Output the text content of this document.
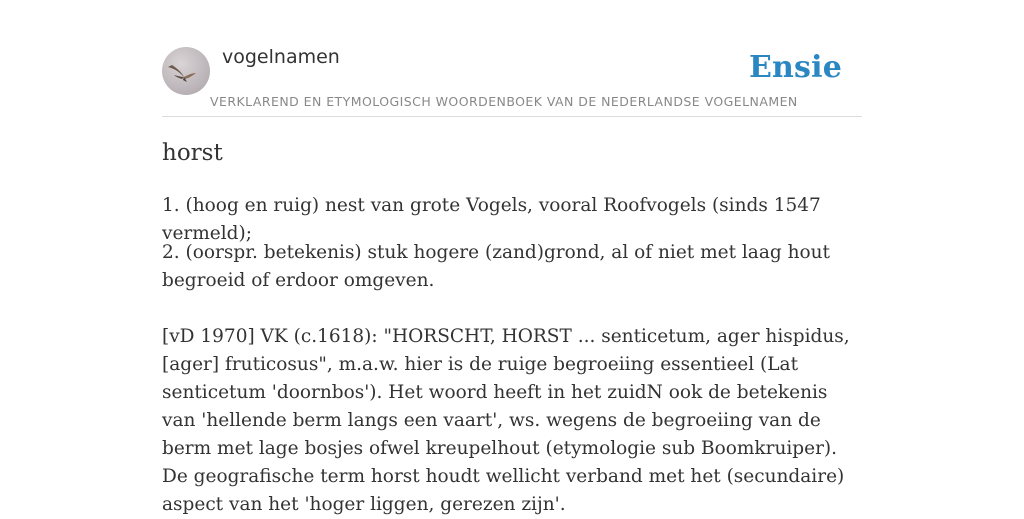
vogelnamen	Ensie
VERKLAREND EN ETYMOLOGISCH WOORDENBOEK VAN DE NEDERLANDSE VOGELNAMEN
horst

1. (hoog en ruig) nest van grote Vogels, vooral Roofvogels (sinds 1547 vermeld);

2. (oorspr. betekenis) stuk hogere (zand)grond, al of niet met laag hout begroeid of erdoor omgeven.

[vD 1970] VK (c.1618): "HORSCHT, HORST ... senticetum, ager hispidus, [ager] fruticosus", m.a.w. hier is de ruige begroeiing essentieel (Lat senticetum 'doornbos'). Het woord heeft in het zuidN ook de betekenis van 'hellende berm langs een vaart', ws. wegens de begroeiing van de berm met lage bosjes ofwel kreupelhout (etymologie sub Boomkruiper). De geografische term horst houdt wellicht verband met het (secundaire) aspect van het 'hoger liggen, gerezen zijn'.
